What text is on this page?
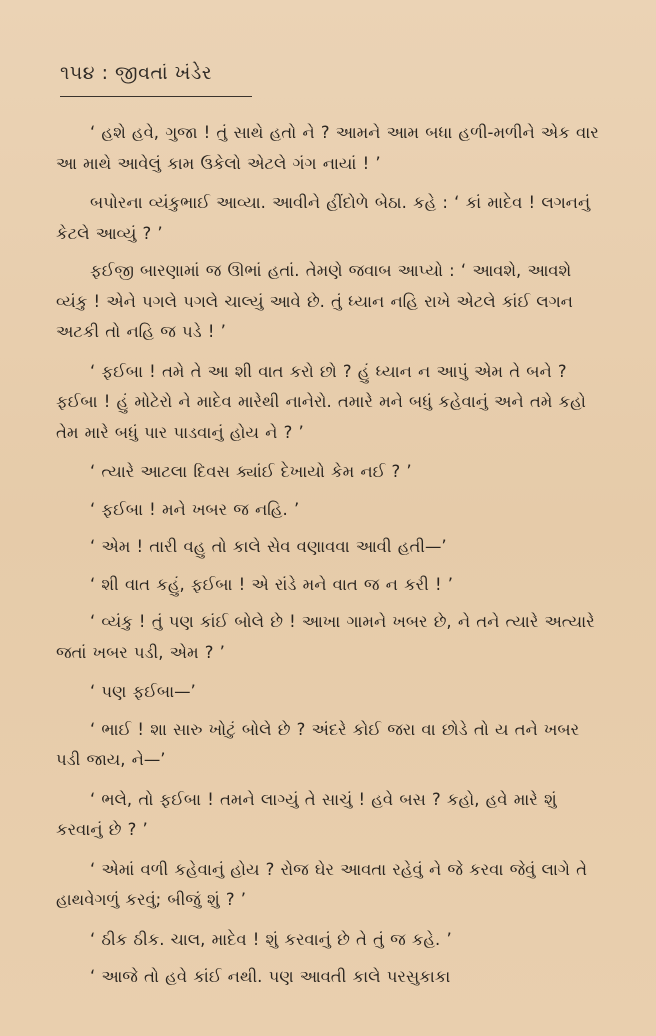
૧૫૪ : જીવતાં ખંડેર

‘ હશે હવે, ગુજા ! તું સાથે હતો ને ? આમને આમ બધા હળી-મળીને એક વાર આ માથે આવેલું કામ ઉકેલો એટલે ગંગ નાયાં ! ’

બપોરના વ્યંકુભાઈ આવ્યા. આવીને હીંદોળે બેઠા. કહે : ‘ કાં માદેવ ! લગનનું કેટલે આવ્યું ? ’

ફઈજી બારણામાં જ ઊભાં હતાં. તેમણે જવાબ આપ્યો : ‘ આવશે, આવશે વ્યંકુ ! એને પગલે પગલે ચાલ્યું આવે છે. તું ધ્યાન નહિ રાખે એટલે કાંઈ લગન અટકી તો નહિ જ પડે ! ’

‘ ફઈબા ! તમે તે આ શી વાત કરો છો ? હું ધ્યાન ન આપું એમ તે બને ? ફઈબા ! હું મોટેરો ને માદેવ મારેથી નાનેરો. તમારે મને બધું કહેવાનું અને તમે કહો તેમ મારે બધું પાર પાડવાનું હોય ને ? ’

‘ ત્યારે આટલા દિવસ ક્યાંઈ દેખાયો કેમ નઈ ? ’

‘ ફઈબા ! મને ખબર જ નહિ. ’

‘ એમ ! તારી વહુ તો કાલે સેવ વણાવવા આવી હતી—’

‘ શી વાત કહું, ફઈબા ! એ રાંડે મને વાત જ ન કરી ! ’

‘ વ્યંકુ ! તું પણ કાંઈ બોલે છે ! આખા ગામને ખબર છે, ને તને ત્યારે અત્યારે જતાં ખબર પડી, એમ ? ’

‘ પણ ફઈબા—’

‘ ભાઈ ! શા સારુ ખોટું બોલે છે ? અંદરે કોઈ જરા વા છોડે તો ય તને ખબર પડી જાય, ને—’

‘ ભલે, તો ફઈબા ! તમને લાગ્યું તે સાચું ! હવે બસ ? કહો, હવે મારે શું કરવાનું છે ? ’

‘ એમાં વળી કહેવાનું હોય ? રોજ ઘેર આવતા રહેવું ને જે કરવા જેવું લાગે તે હાથવેગળું કરવું; બીજું શું ? ’

‘ ઠીક ઠીક. ચાલ, માદેવ ! શું કરવાનું છે તે તું જ કહે. ’

‘ આજે તો હવે કાંઈ નથી. પણ આવતી કાલે પરસુકાકા
